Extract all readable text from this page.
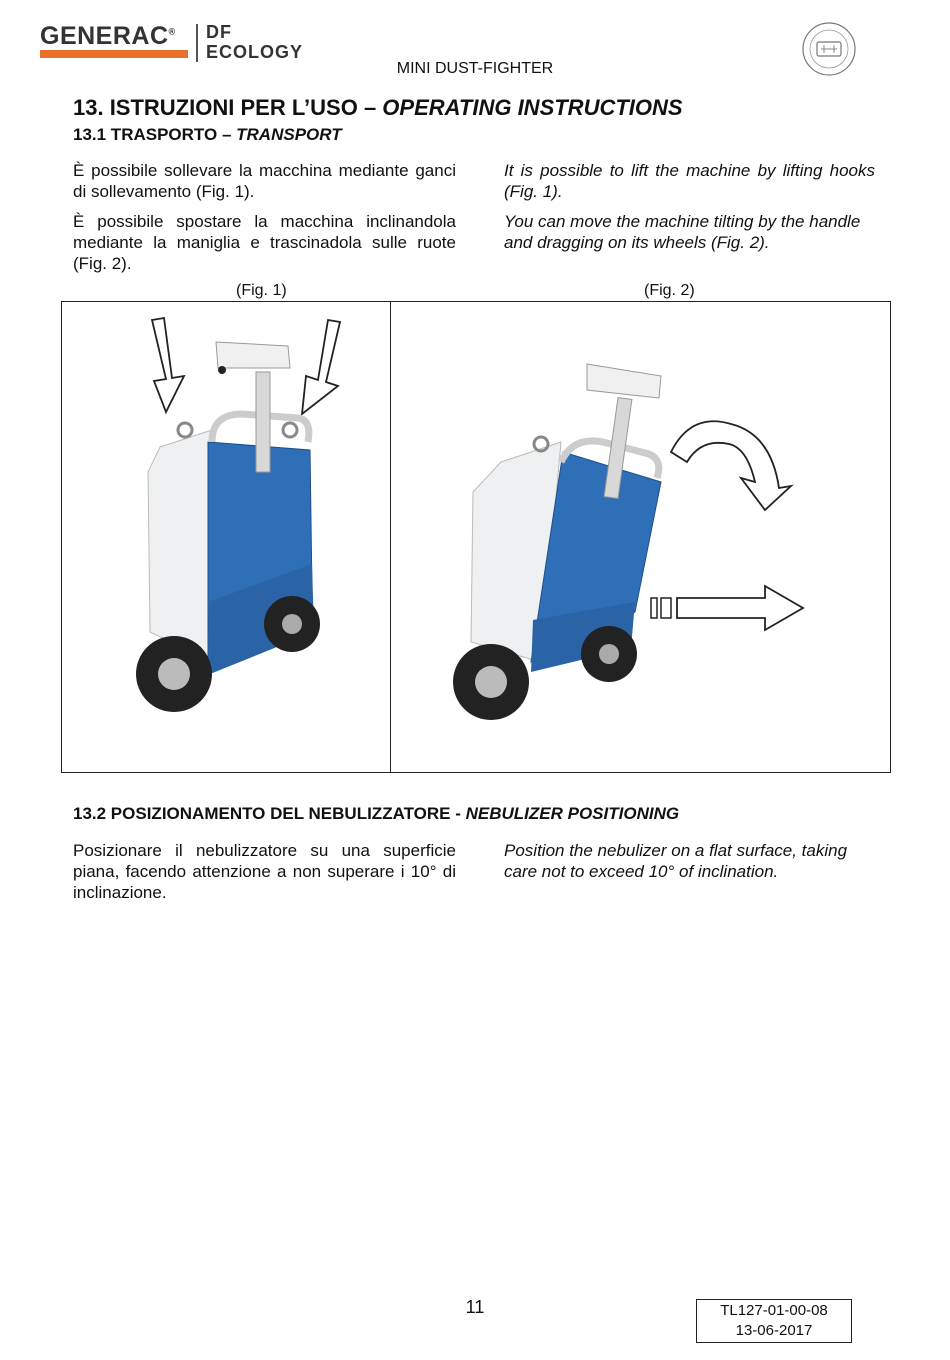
GENERAC® DF
ECOLOGY
MINI DUST-FIGHTER
13. ISTRUZIONI PER L’USO – OPERATING INSTRUCTIONS
13.1 TRASPORTO – TRANSPORT

È possibile sollevare la macchina mediante ganci di sollevamento (Fig. 1).

È possibile spostare la macchina inclinandola mediante la maniglia e trascinadola sulle ruote (Fig. 2).

It is possible to lift the machine by lifting hooks (Fig. 1).

You can move the machine tilting by the handle and dragging on its wheels (Fig. 2).

(Fig. 1)	(Fig. 2)
13.2 POSIZIONAMENTO DEL NEBULIZZATORE - NEBULIZER POSITIONING

Posizionare il nebulizzatore su una superficie piana, facendo attenzione a non superare i 10° di inclinazione.

Position the nebulizer on a flat surface, taking care not to exceed 10° of inclination.

11	TL127-01-00-08
13-06-2017
